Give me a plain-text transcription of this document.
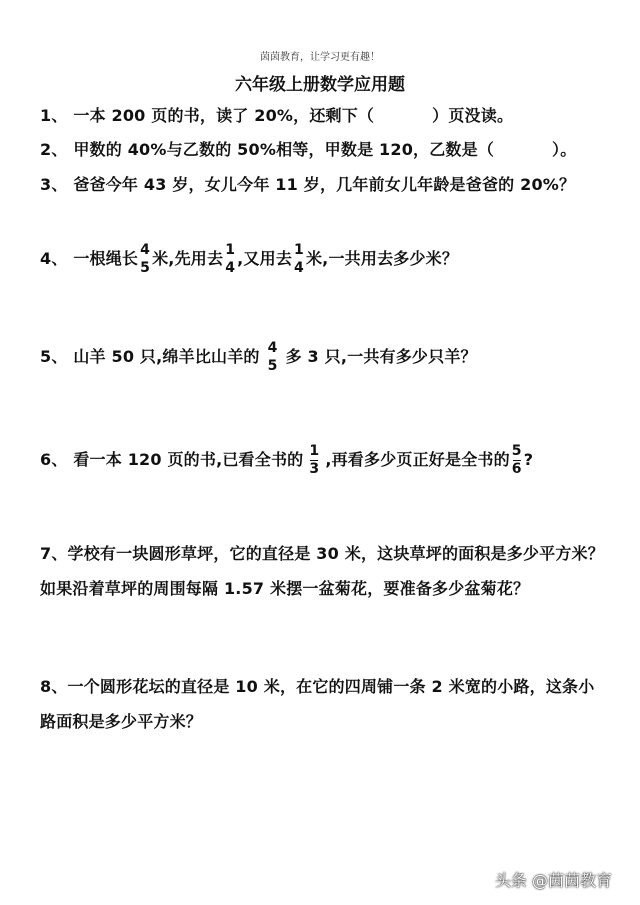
茵茵教育，让学习更有趣！
六年级上册数学应用题
1、 一本 200 页的书，读了 20%，还剩下（	）页没读。
2、 甲数的 40%与乙数的 50%相等，甲数是 120，乙数是（	）。
3、 爸爸今年 43 岁，女儿今年 11 岁，几年前女儿年龄是爸爸的 20%？
4、 一根绳长 4
5 米,先用去 1
4 ,又用去 1
4 米,一共用去多少米？
5、 山羊 50 只,绵羊比山羊的 4
5 多 3 只,一共有多少只羊？
6、 看一本 120 页的书,已看全书的 $\frac{1}{3}$ ,再看多少页正好是全书的 $\frac{5}{6}$ ?
7、学校有一块圆形草坪，它的直径是 30 米，这块草坪的面积是多少平方米？
如果沿着草坪的周围每隔 1.57 米摆一盆菊花，要准备多少盆菊花？
8、一个圆形花坛的直径是 10 米，在它的四周铺一条 2 米宽的小路，这条小
路面积是多少平方米？
头条 @茵茵教育
